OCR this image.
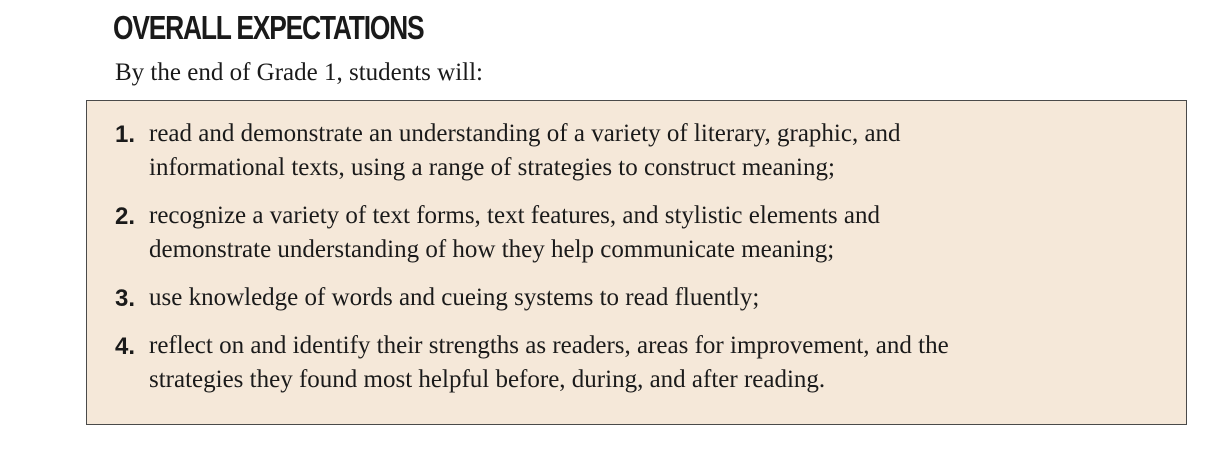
OVERALL EXPECTATIONS

By the end of Grade 1, students will:

1. read and demonstrate an understanding of a variety of literary, graphic, and
informational texts, using a range of strategies to construct meaning;
2. recognize a variety of text forms, text features, and stylistic elements and
demonstrate understanding of how they help communicate meaning;
3. use knowledge of words and cueing systems to read fluently;
4. reflect on and identify their strengths as readers, areas for improvement, and the
strategies they found most helpful before, during, and after reading.
